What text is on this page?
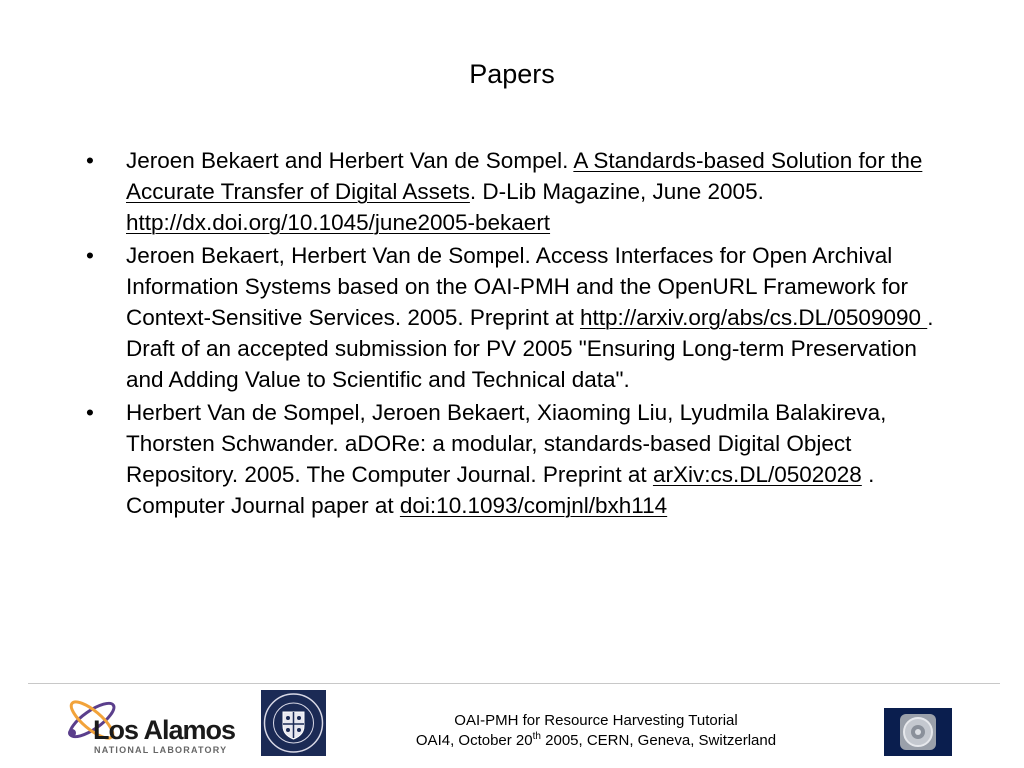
Papers
• Jeroen Bekaert and Herbert Van de Sompel. A Standards-based Solution for the Accurate Transfer of Digital Assets. D-Lib Magazine, June 2005. http://dx.doi.org/10.1045/june2005-bekaert
• Jeroen Bekaert, Herbert Van de Sompel. Access Interfaces for Open Archival Information Systems based on the OAI-PMH and the OpenURL Framework for Context-Sensitive Services. 2005. Preprint at http://arxiv.org/abs/cs.DL/0509090 . Draft of an accepted submission for PV 2005 "Ensuring Long-term Preservation and Adding Value to Scientific and Technical data".
• Herbert Van de Sompel, Jeroen Bekaert, Xiaoming Liu, Lyudmila Balakireva, Thorsten Schwander. aDORe: a modular, standards-based Digital Object Repository. 2005. The Computer Journal. Preprint at arXiv:cs.DL/0502028 . Computer Journal paper at doi:10.1093/comjnl/bxh114
Los Alamos
NATIONAL LABORATORY
OAI-PMH for Resource Harvesting Tutorial
OAI4, October 20th 2005, CERN, Geneva, Switzerland
